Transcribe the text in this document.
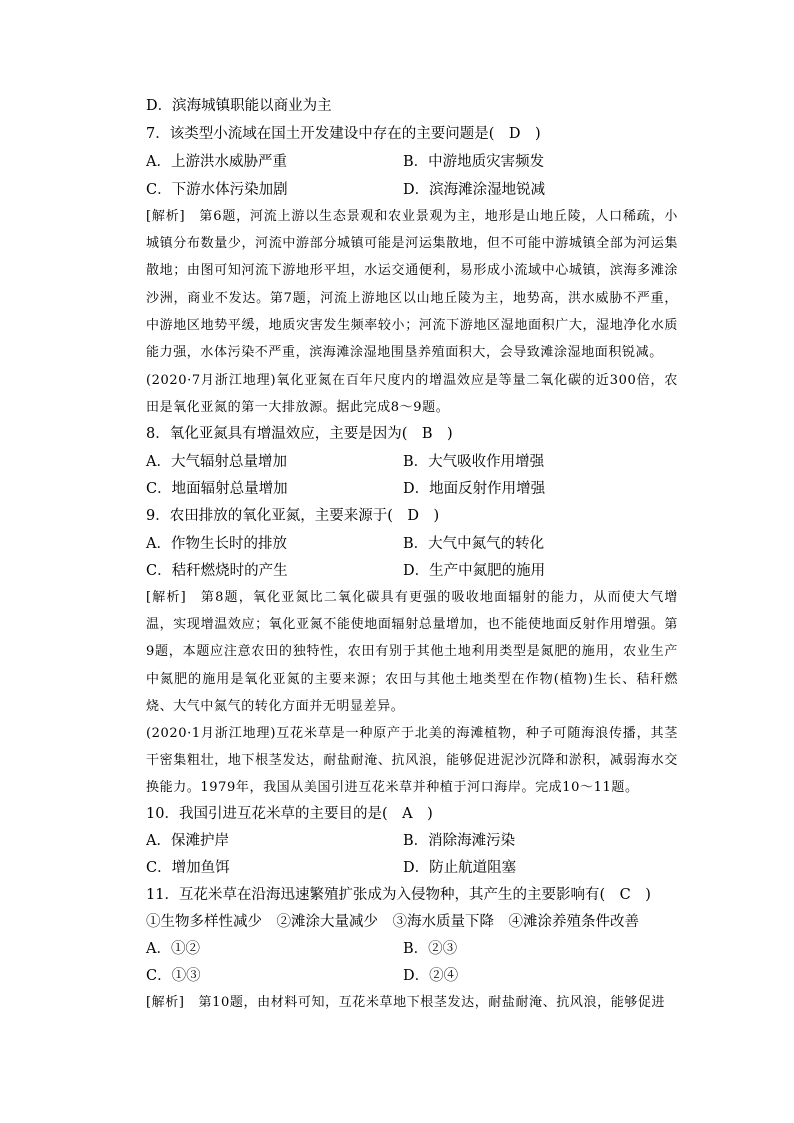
D．滨海城镇职能以商业为主
7．该类型小流域在国土开发建设中存在的主要问题是(　D　)
A．上游洪水威胁严重	B．中游地质灾害频发
C．下游水体污染加剧	D．滨海滩涂湿地锐减
[解析] 第6题，河流上游以生态景观和农业景观为主，地形是山地丘陵，人口稀疏，小城镇分布数量少，河流中游部分城镇可能是河运集散地，但不可能中游城镇全部为河运集散地；由图可知河流下游地形平坦，水运交通便利，易形成小流域中心城镇，滨海多滩涂沙洲，商业不发达。第7题，河流上游地区以山地丘陵为主，地势高，洪水威胁不严重，中游地区地势平缓，地质灾害发生频率较小；河流下游地区湿地面积广大，湿地净化水质能力强，水体污染不严重，滨海滩涂湿地围垦养殖面积大，会导致滩涂湿地面积锐减。
(2020·7月浙江地理)氧化亚氮在百年尺度内的增温效应是等量二氧化碳的近300倍，农田是氧化亚氮的第一大排放源。据此完成8～9题。
8．氧化亚氮具有增温效应，主要是因为(　B　)
A．大气辐射总量增加	B．大气吸收作用增强
C．地面辐射总量增加	D．地面反射作用增强
9．农田排放的氧化亚氮，主要来源于(　D　)
A．作物生长时的排放	B．大气中氮气的转化
C．秸秆燃烧时的产生	D．生产中氮肥的施用
[解析] 第8题，氧化亚氮比二氧化碳具有更强的吸收地面辐射的能力，从而使大气增温，实现增温效应；氧化亚氮不能使地面辐射总量增加，也不能使地面反射作用增强。第9题，本题应注意农田的独特性，农田有别于其他土地利用类型是氮肥的施用，农业生产中氮肥的施用是氧化亚氮的主要来源；农田与其他土地类型在作物(植物)生长、秸秆燃烧、大气中氮气的转化方面并无明显差异。
(2020·1月浙江地理)互花米草是一种原产于北美的海滩植物，种子可随海浪传播，其茎干密集粗壮，地下根茎发达，耐盐耐淹、抗风浪，能够促进泥沙沉降和淤积，减弱海水交换能力。1979年，我国从美国引进互花米草并种植于河口海岸。完成10～11题。
10．我国引进互花米草的主要目的是(　A　)
A．保滩护岸	B．消除海滩污染
C．增加鱼饵	D．防止航道阻塞
11．互花米草在沿海迅速繁殖扩张成为入侵物种，其产生的主要影响有(　C　)
①生物多样性减少　②滩涂大量减少　③海水质量下降　④滩涂养殖条件改善
A．①②	B．②③
C．①③	D．②④
[解析] 第10题，由材料可知，互花米草地下根茎发达，耐盐耐淹、抗风浪，能够促进
